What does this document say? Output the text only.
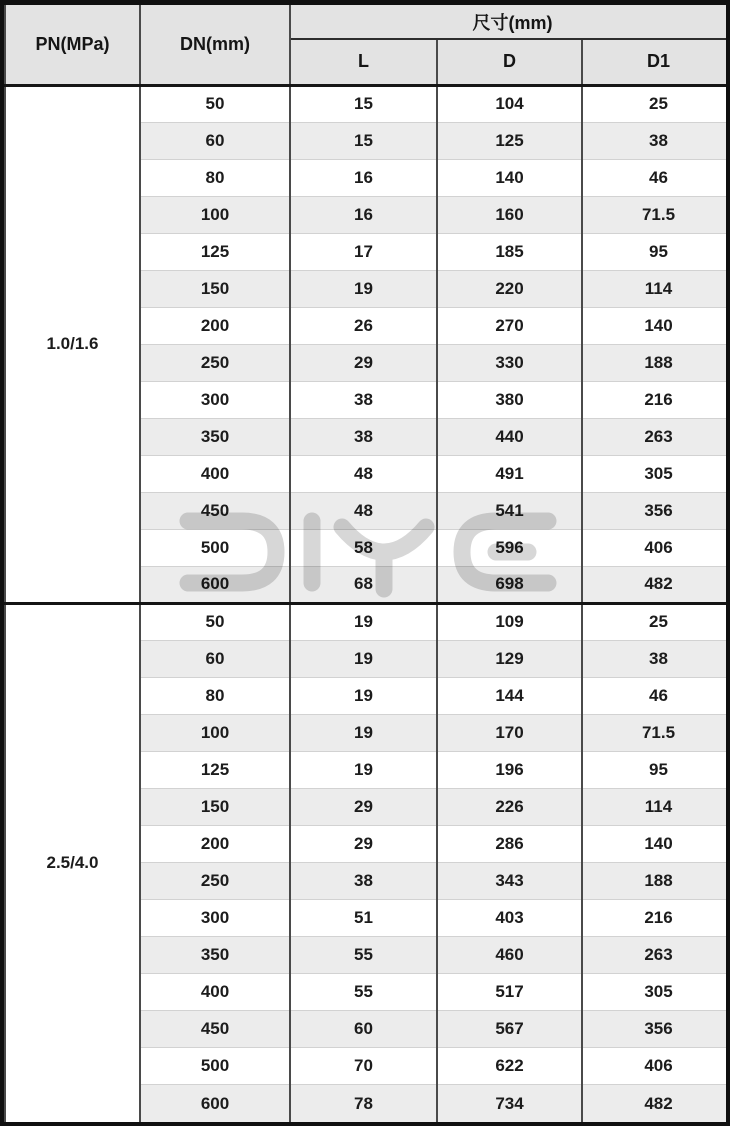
PN(MPa)	DN(mm)	尺寸(mm)		
		L	D	D1
1.0/1.6	50	15	104	25
	60	15	125	38
	80	16	140	46
	100	16	160	71.5
	125	17	185	95
	150	19	220	114
	200	26	270	140
	250	29	330	188
	300	38	380	216
	350	38	440	263
	400	48	491	305
	450	48	541	356
	500	58	596	406
	600	68	698	482
2.5/4.0	50	19	109	25
	60	19	129	38
	80	19	144	46
	100	19	170	71.5
	125	19	196	95
	150	29	226	114
	200	29	286	140
	250	38	343	188
	300	51	403	216
	350	55	460	263
	400	55	517	305
	450	60	567	356
	500	70	622	406
	600	78	734	482
